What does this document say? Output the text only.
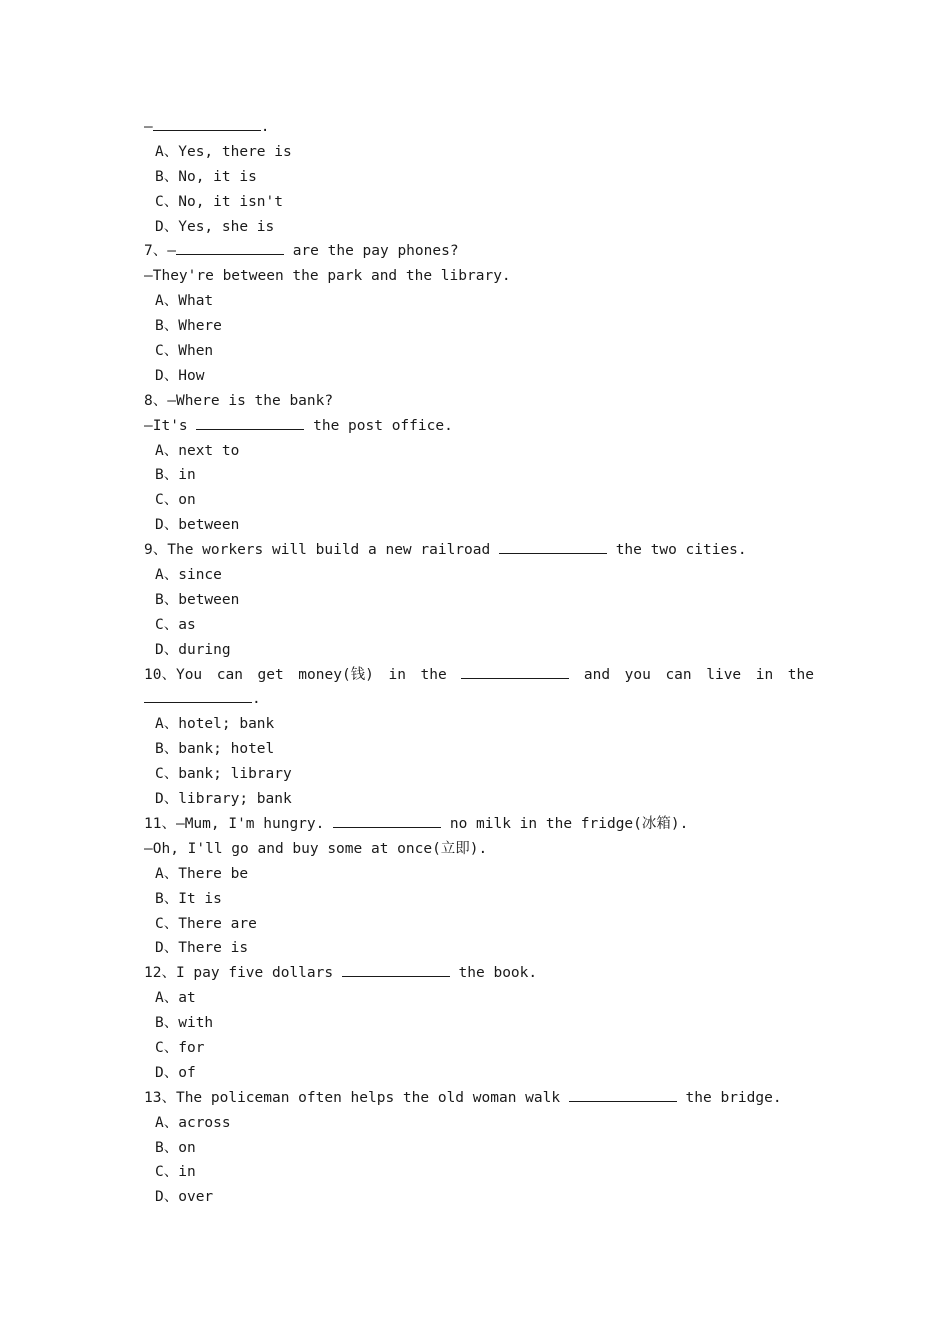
—	.
A、Yes, there is
B、No, it is
C、No, it isn't
D、Yes, she is
7、—	are the pay phones?
—They're between the park and the library.
A、What
B、Where
C、When
D、How
8、—Where is the bank?
—It's	the post office.
A、next to
B、in
C、on
D、between
9、The workers will build a new railroad	the two cities.
A、since
B、between
C、as
D、during
10、You can get money(钱) in the	and you can live in the
.
A、hotel; bank
B、bank; hotel
C、bank; library
D、library; bank
11、—Mum, I'm hungry.	no milk in the fridge(冰箱).
—Oh, I'll go and buy some at once(立即).
A、There be
B、It is
C、There are
D、There is
12、I pay five dollars	the book.
A、at
B、with
C、for
D、of
13、The policeman often helps the old woman walk	the bridge.
A、across
B、on
C、in
D、over
